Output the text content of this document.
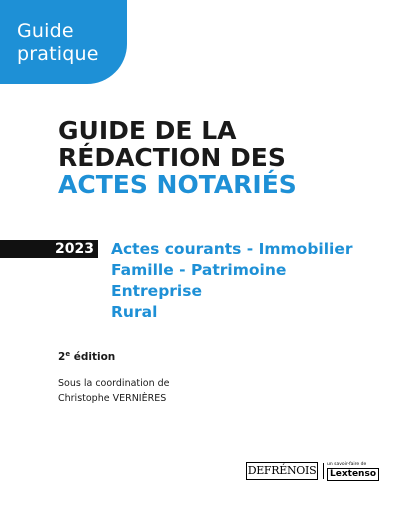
Guide
pratique
GUIDE DE LA
RÉDACTION DES
ACTES NOTARIÉS
2023 Actes courants - Immobilier
Famille - Patrimoine
Entreprise
Rural
2e édition
Sous la coordination de
Christophe VERNIÈRES
DEFRÉNOIS	un savoir-faire de
Lextenso
